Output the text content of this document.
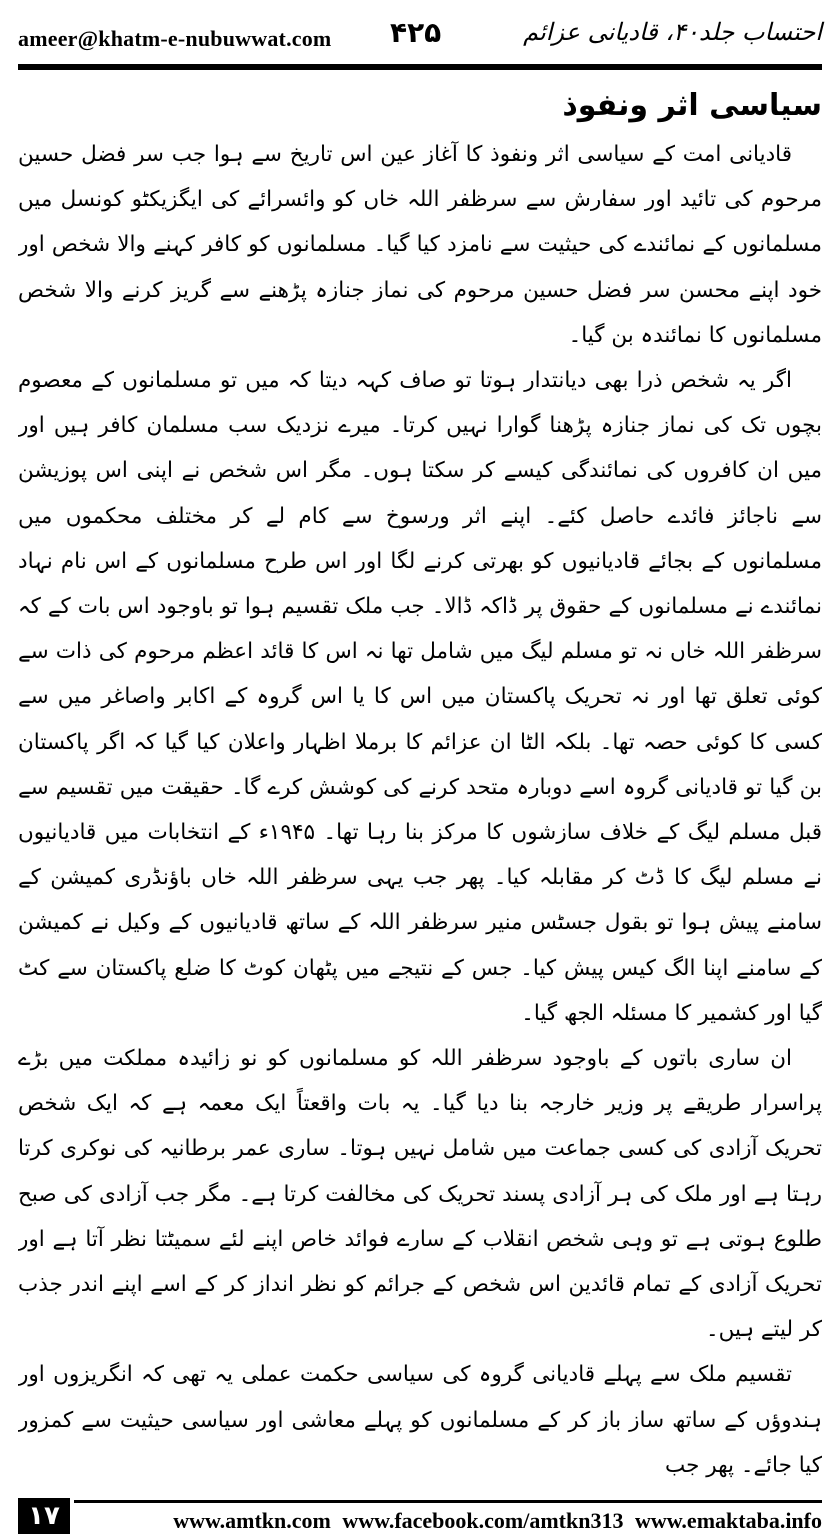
ameer@khatm-e-nubuwwat.com ۴۲۵	احتساب جلد۴۰، قادیانی عزائم
سیاسی اثر ونفوذ

قادیانی امت کے سیاسی اثر ونفوذ کا آغاز عین اس تاریخ سے ہوا جب سر فضل حسین مرحوم کی تائید اور سفارش سے سرظفر اللہ خاں کو وائسرائے کی ایگزیکٹو کونسل میں مسلمانوں کے نمائندے کی حیثیت سے نامزد کیا گیا۔ مسلمانوں کو کافر کہنے والا شخص اور خود اپنے محسن سر فضل حسین مرحوم کی نماز جنازہ پڑھنے سے گریز کرنے والا شخص مسلمانوں کا نمائندہ بن گیا۔

اگر یہ شخص ذرا بھی دیانتدار ہوتا تو صاف کہہ دیتا کہ میں تو مسلمانوں کے معصوم بچوں تک کی نماز جنازہ پڑھنا گوارا نہیں کرتا۔ میرے نزدیک سب مسلمان کافر ہیں اور میں ان کافروں کی نمائندگی کیسے کر سکتا ہوں۔ مگر اس شخص نے اپنی اس پوزیشن سے ناجائز فائدے حاصل کئے۔ اپنے اثر ورسوخ سے کام لے کر مختلف محکموں میں مسلمانوں کے بجائے قادیانیوں کو بھرتی کرنے لگا اور اس طرح مسلمانوں کے اس نام نہاد نمائندے نے مسلمانوں کے حقوق پر ڈاکہ ڈالا۔ جب ملک تقسیم ہوا تو باوجود اس بات کے کہ سرظفر اللہ خاں نہ تو مسلم لیگ میں شامل تھا نہ اس کا قائد اعظم مرحوم کی ذات سے کوئی تعلق تھا اور نہ تحریک پاکستان میں اس کا یا اس گروہ کے اکابر واصاغر میں سے کسی کا کوئی حصہ تھا۔ بلکہ الٹا ان عزائم کا برملا اظہار واعلان کیا گیا کہ اگر پاکستان بن گیا تو قادیانی گروہ اسے دوبارہ متحد کرنے کی کوشش کرے گا۔ حقیقت میں تقسیم سے قبل مسلم لیگ کے خلاف سازشوں کا مرکز بنا رہا تھا۔ ۱۹۴۵ء کے انتخابات میں قادیانیوں نے مسلم لیگ کا ڈٹ کر مقابلہ کیا۔ پھر جب یہی سرظفر اللہ خاں باؤنڈری کمیشن کے سامنے پیش ہوا تو بقول جسٹس منیر سرظفر اللہ کے ساتھ قادیانیوں کے وکیل نے کمیشن کے سامنے اپنا الگ کیس پیش کیا۔ جس کے نتیجے میں پٹھان کوٹ کا ضلع پاکستان سے کٹ گیا اور کشمیر کا مسئلہ الجھ گیا۔

ان ساری باتوں کے باوجود سرظفر اللہ کو مسلمانوں کو نو زائیدہ مملکت میں بڑے پراسرار طریقے پر وزیر خارجہ بنا دیا گیا۔ یہ بات واقعتاً ایک معمہ ہے کہ ایک شخص تحریک آزادی کی کسی جماعت میں شامل نہیں ہوتا۔ ساری عمر برطانیہ کی نوکری کرتا رہتا ہے اور ملک کی ہر آزادی پسند تحریک کی مخالفت کرتا ہے۔ مگر جب آزادی کی صبح طلوع ہوتی ہے تو وہی شخص انقلاب کے سارے فوائد خاص اپنے لئے سمیٹتا نظر آتا ہے اور تحریک آزادی کے تمام قائدین اس شخص کے جرائم کو نظر انداز کر کے اسے اپنے اندر جذب کر لیتے ہیں۔

تقسیم ملک سے پہلے قادیانی گروہ کی سیاسی حکمت عملی یہ تھی کہ انگریزوں اور ہندوؤں کے ساتھ ساز باز کر کے مسلمانوں کو پہلے معاشی اور سیاسی حیثیت سے کمزور کیا جائے۔ پھر جب

۱۷	www.amtkn.com www.facebook.com/amtkn313 www.emaktaba.info
